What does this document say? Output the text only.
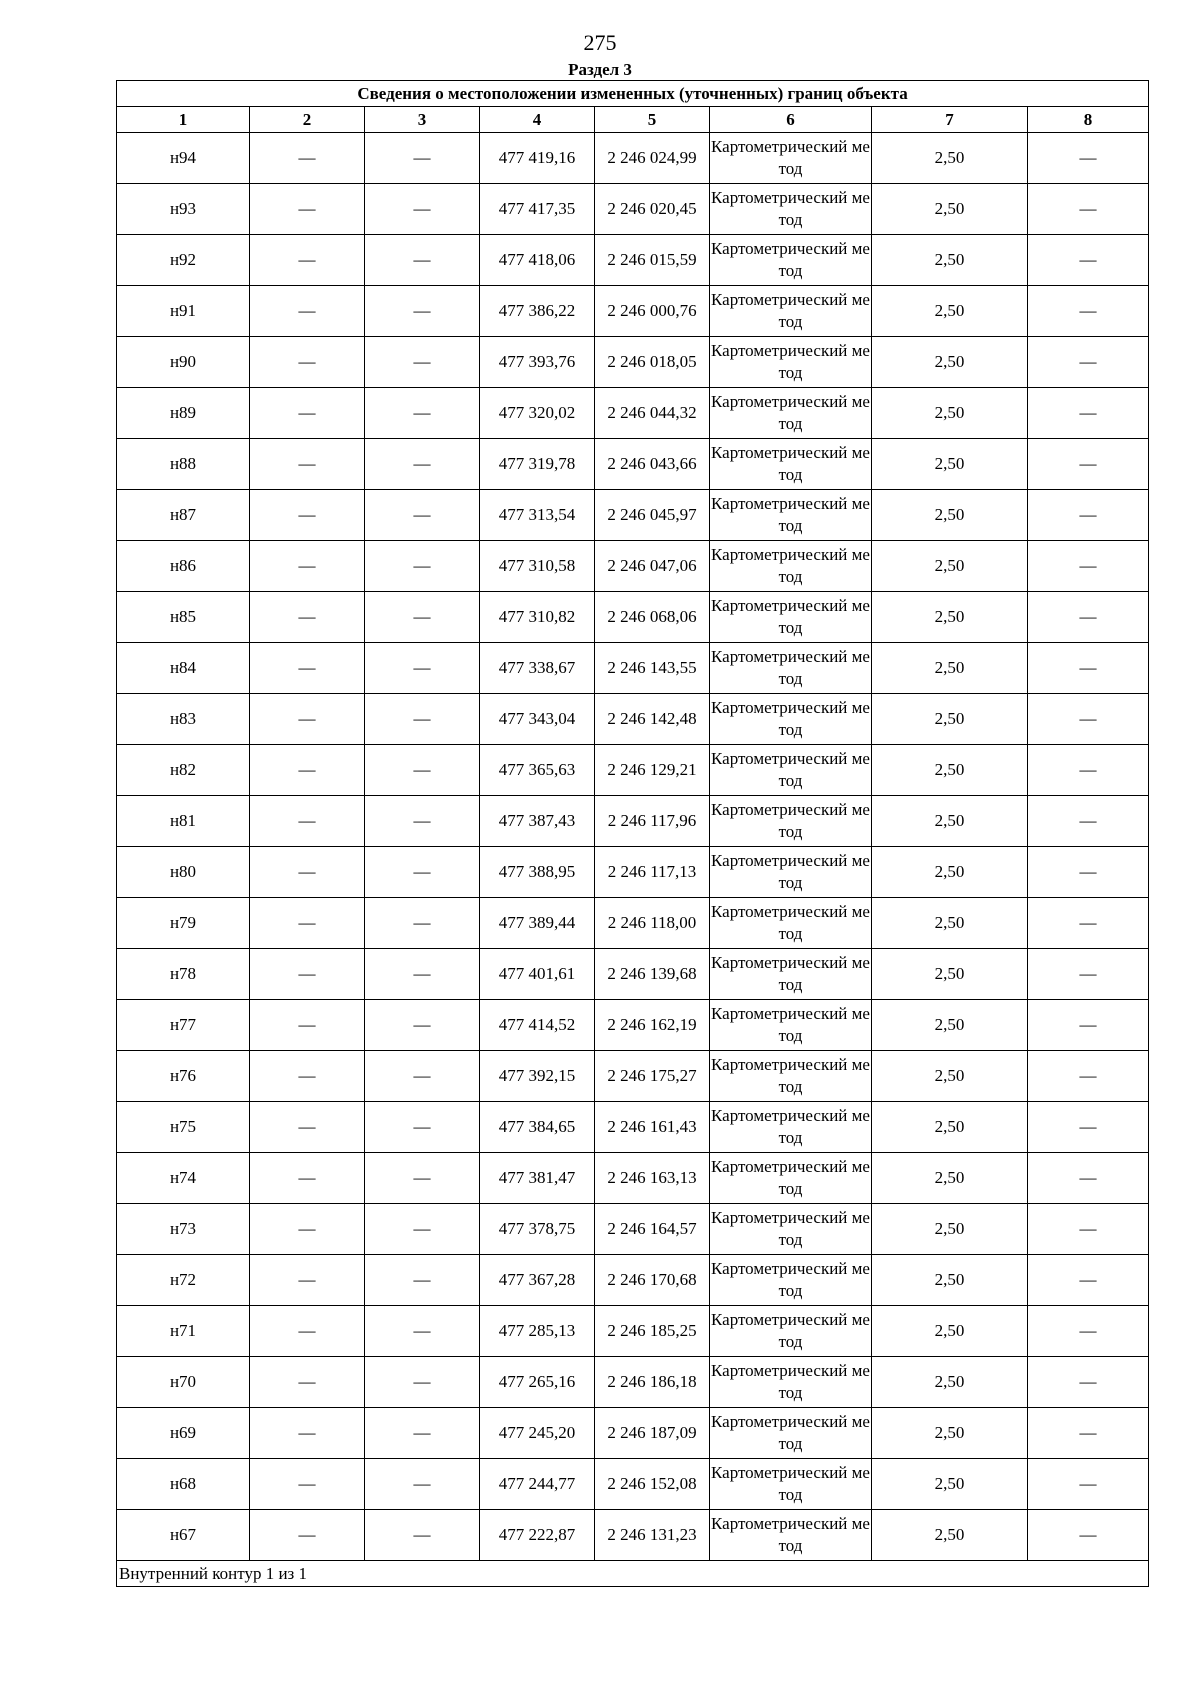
275
Раздел 3
Сведения о местоположении измененных (уточненных) границ объекта							
1	2	3	4	5	6	7	8
н94	—	—	477 419,16	2 246 024,99	Картометрический метод	2,50	—
н93	—	—	477 417,35	2 246 020,45	Картометрический метод	2,50	—
н92	—	—	477 418,06	2 246 015,59	Картометрический метод	2,50	—
н91	—	—	477 386,22	2 246 000,76	Картометрический метод	2,50	—
н90	—	—	477 393,76	2 246 018,05	Картометрический метод	2,50	—
н89	—	—	477 320,02	2 246 044,32	Картометрический метод	2,50	—
н88	—	—	477 319,78	2 246 043,66	Картометрический метод	2,50	—
н87	—	—	477 313,54	2 246 045,97	Картометрический метод	2,50	—
н86	—	—	477 310,58	2 246 047,06	Картометрический метод	2,50	—
н85	—	—	477 310,82	2 246 068,06	Картометрический метод	2,50	—
н84	—	—	477 338,67	2 246 143,55	Картометрический метод	2,50	—
н83	—	—	477 343,04	2 246 142,48	Картометрический метод	2,50	—
н82	—	—	477 365,63	2 246 129,21	Картометрический метод	2,50	—
н81	—	—	477 387,43	2 246 117,96	Картометрический метод	2,50	—
н80	—	—	477 388,95	2 246 117,13	Картометрический метод	2,50	—
н79	—	—	477 389,44	2 246 118,00	Картометрический метод	2,50	—
н78	—	—	477 401,61	2 246 139,68	Картометрический метод	2,50	—
н77	—	—	477 414,52	2 246 162,19	Картометрический метод	2,50	—
н76	—	—	477 392,15	2 246 175,27	Картометрический метод	2,50	—
н75	—	—	477 384,65	2 246 161,43	Картометрический метод	2,50	—
н74	—	—	477 381,47	2 246 163,13	Картометрический метод	2,50	—
н73	—	—	477 378,75	2 246 164,57	Картометрический метод	2,50	—
н72	—	—	477 367,28	2 246 170,68	Картометрический метод	2,50	—
н71	—	—	477 285,13	2 246 185,25	Картометрический метод	2,50	—
н70	—	—	477 265,16	2 246 186,18	Картометрический метод	2,50	—
н69	—	—	477 245,20	2 246 187,09	Картометрический метод	2,50	—
н68	—	—	477 244,77	2 246 152,08	Картометрический метод	2,50	—
н67	—	—	477 222,87	2 246 131,23	Картометрический метод	2,50	—
Внутренний контур 1 из 1							
